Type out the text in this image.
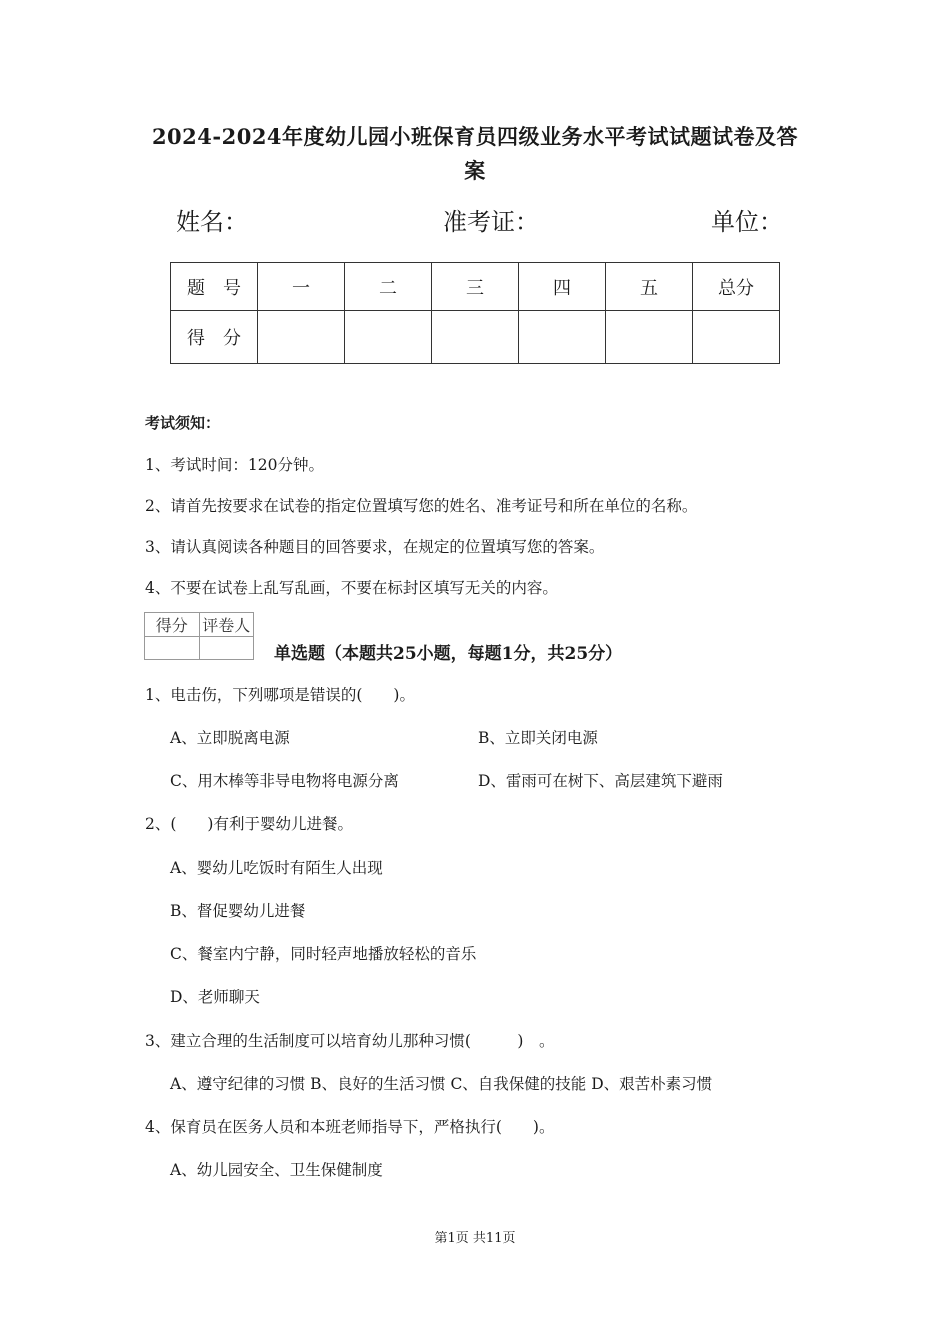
2024-2024年度幼儿园小班保育员四级业务水平考试试题试卷及答
案
姓名：	准考证：	单位：
题　号	一	二	三	四	五	总分
得　分						
考试须知：
1、考试时间：120分钟。
2、请首先按要求在试卷的指定位置填写您的姓名、准考证号和所在单位的名称。
3、请认真阅读各种题目的回答要求，在规定的位置填写您的答案。
4、不要在试卷上乱写乱画，不要在标封区填写无关的内容。
得分	评卷人

单选题（本题共25小题，每题1分，共25分）
1、电击伤，下列哪项是错误的(　　)。
A、立即脱离电源	B、立即关闭电源
C、用木棒等非导电物将电源分离	D、雷雨可在树下、高层建筑下避雨
2、(　　)有利于婴幼儿进餐。
A、婴幼儿吃饭时有陌生人出现
B、督促婴幼儿进餐
C、餐室内宁静，同时轻声地播放轻松的音乐
D、老师聊天
3、建立合理的生活制度可以培育幼儿那种习惯(　　　)　。
A、遵守纪律的习惯 B、良好的生活习惯 C、自我保健的技能 D、艰苦朴素习惯
4、保育员在医务人员和本班老师指导下，严格执行(　　)。
A、幼儿园安全、卫生保健制度
第1页 共11页
